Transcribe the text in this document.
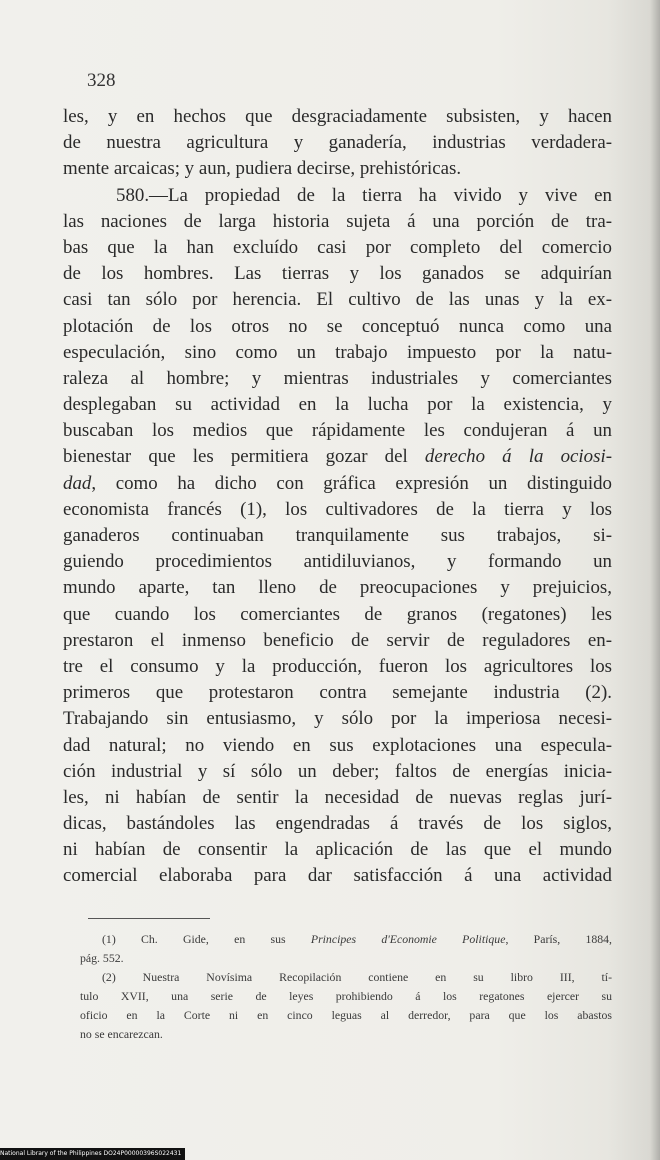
328
les, y en hechos que desgraciadamente subsisten, y hacen
de nuestra agricultura y ganadería, industrias verdadera-
mente arcaicas; y aun, pudiera decirse, prehistóricas.
580.—La propiedad de la tierra ha vivido y vive en
las naciones de larga historia sujeta á una porción de tra-
bas que la han excluído casi por completo del comercio
de los hombres. Las tierras y los ganados se adquirían
casi tan sólo por herencia. El cultivo de las unas y la ex-
plotación de los otros no se conceptuó nunca como una
especulación, sino como un trabajo impuesto por la natu-
raleza al hombre; y mientras industriales y comerciantes
desplegaban su actividad en la lucha por la existencia, y
buscaban los medios que rápidamente les condujeran á un
bienestar que les permitiera gozar del derecho á la ociosi-
dad, como ha dicho con gráfica expresión un distinguido
economista francés (1), los cultivadores de la tierra y los
ganaderos continuaban tranquilamente sus trabajos, si-
guiendo procedimientos antidiluvianos, y formando un
mundo aparte, tan lleno de preocupaciones y prejuicios,
que cuando los comerciantes de granos (regatones) les
prestaron el inmenso beneficio de servir de reguladores en-
tre el consumo y la producción, fueron los agricultores los
primeros que protestaron contra semejante industria (2).
Trabajando sin entusiasmo, y sólo por la imperiosa necesi-
dad natural; no viendo en sus explotaciones una especula-
ción industrial y sí sólo un deber; faltos de energías inicia-
les, ni habían de sentir la necesidad de nuevas reglas jurí-
dicas, bastándoles las engendradas á través de los siglos,
ni habían de consentir la aplicación de las que el mundo
comercial elaboraba para dar satisfacción á una actividad
(1) Ch. Gide, en sus Principes d'Economie Politique, París, 1884,
pág. 552.
(2) Nuestra Novísima Recopilación contiene en su libro III, tí-
tulo XVII, una serie de leyes prohibiendo á los regatones ejercer su
oficio en la Corte ni en cinco leguas al derredor, para que los abastos
no se encarezcan.
National Library of the Philippines DO24P00000396S022431
